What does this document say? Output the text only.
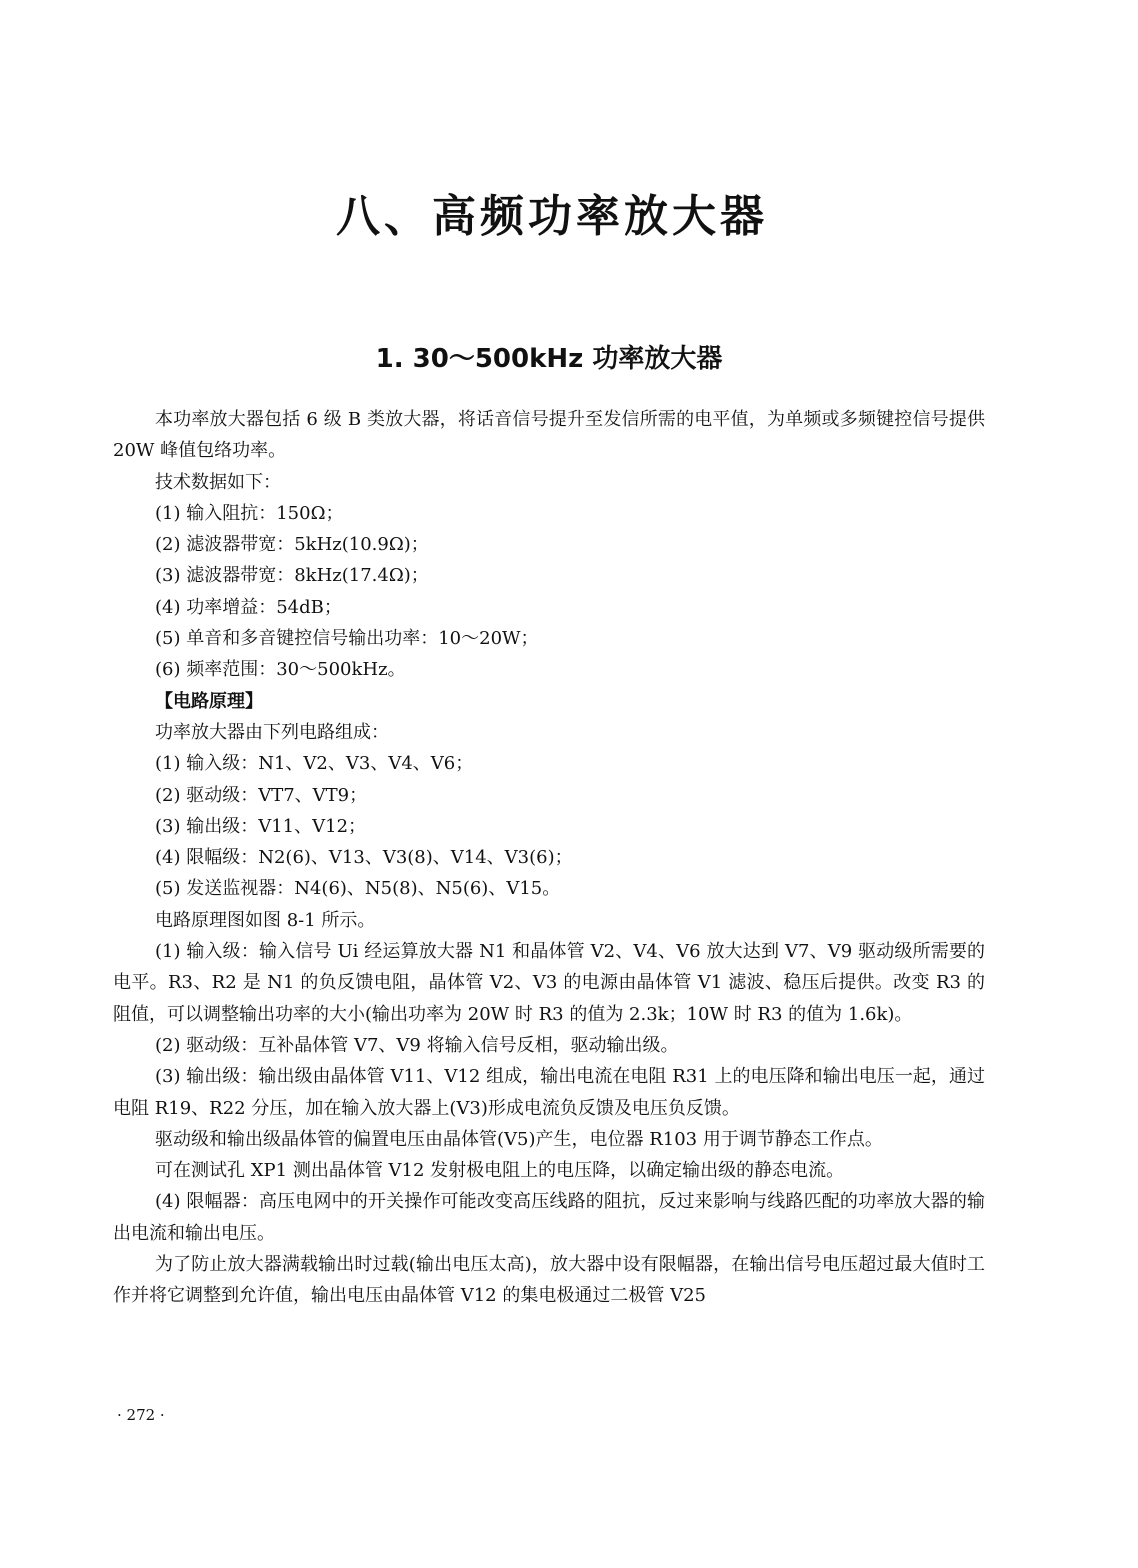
八、高频功率放大器
1. 30～500kHz 功率放大器

本功率放大器包括 6 级 B 类放大器，将话音信号提升至发信所需的电平值，为单频或多频键控信号提供 20W 峰值包络功率。

技术数据如下：

(1) 输入阻抗：150Ω；

(2) 滤波器带宽：5kHz(10.9Ω)；

(3) 滤波器带宽：8kHz(17.4Ω)；

(4) 功率增益：54dB；

(5) 单音和多音键控信号输出功率：10～20W；

(6) 频率范围：30～500kHz。

【电路原理】

功率放大器由下列电路组成：

(1) 输入级：N1、V2、V3、V4、V6；

(2) 驱动级：VT7、VT9；

(3) 输出级：V11、V12；

(4) 限幅级：N2(6)、V13、V3(8)、V14、V3(6)；

(5) 发送监视器：N4(6)、N5(8)、N5(6)、V15。

电路原理图如图 8-1 所示。

(1) 输入级：输入信号 Ui 经运算放大器 N1 和晶体管 V2、V4、V6 放大达到 V7、V9 驱动级所需要的电平。R3、R2 是 N1 的负反馈电阻，晶体管 V2、V3 的电源由晶体管 V1 滤波、稳压后提供。改变 R3 的阻值，可以调整输出功率的大小(输出功率为 20W 时 R3 的值为 2.3k；10W 时 R3 的值为 1.6k)。

(2) 驱动级：互补晶体管 V7、V9 将输入信号反相，驱动输出级。

(3) 输出级：输出级由晶体管 V11、V12 组成，输出电流在电阻 R31 上的电压降和输出电压一起，通过电阻 R19、R22 分压，加在输入放大器上(V3)形成电流负反馈及电压负反馈。

驱动级和输出级晶体管的偏置电压由晶体管(V5)产生，电位器 R103 用于调节静态工作点。

可在测试孔 XP1 测出晶体管 V12 发射极电阻上的电压降，以确定输出级的静态电流。

(4) 限幅器：高压电网中的开关操作可能改变高压线路的阻抗，反过来影响与线路匹配的功率放大器的输出电流和输出电压。

为了防止放大器满载输出时过载(输出电压太高)，放大器中设有限幅器，在输出信号电压超过最大值时工作并将它调整到允许值，输出电压由晶体管 V12 的集电极通过二极管 V25

· 272 ·
